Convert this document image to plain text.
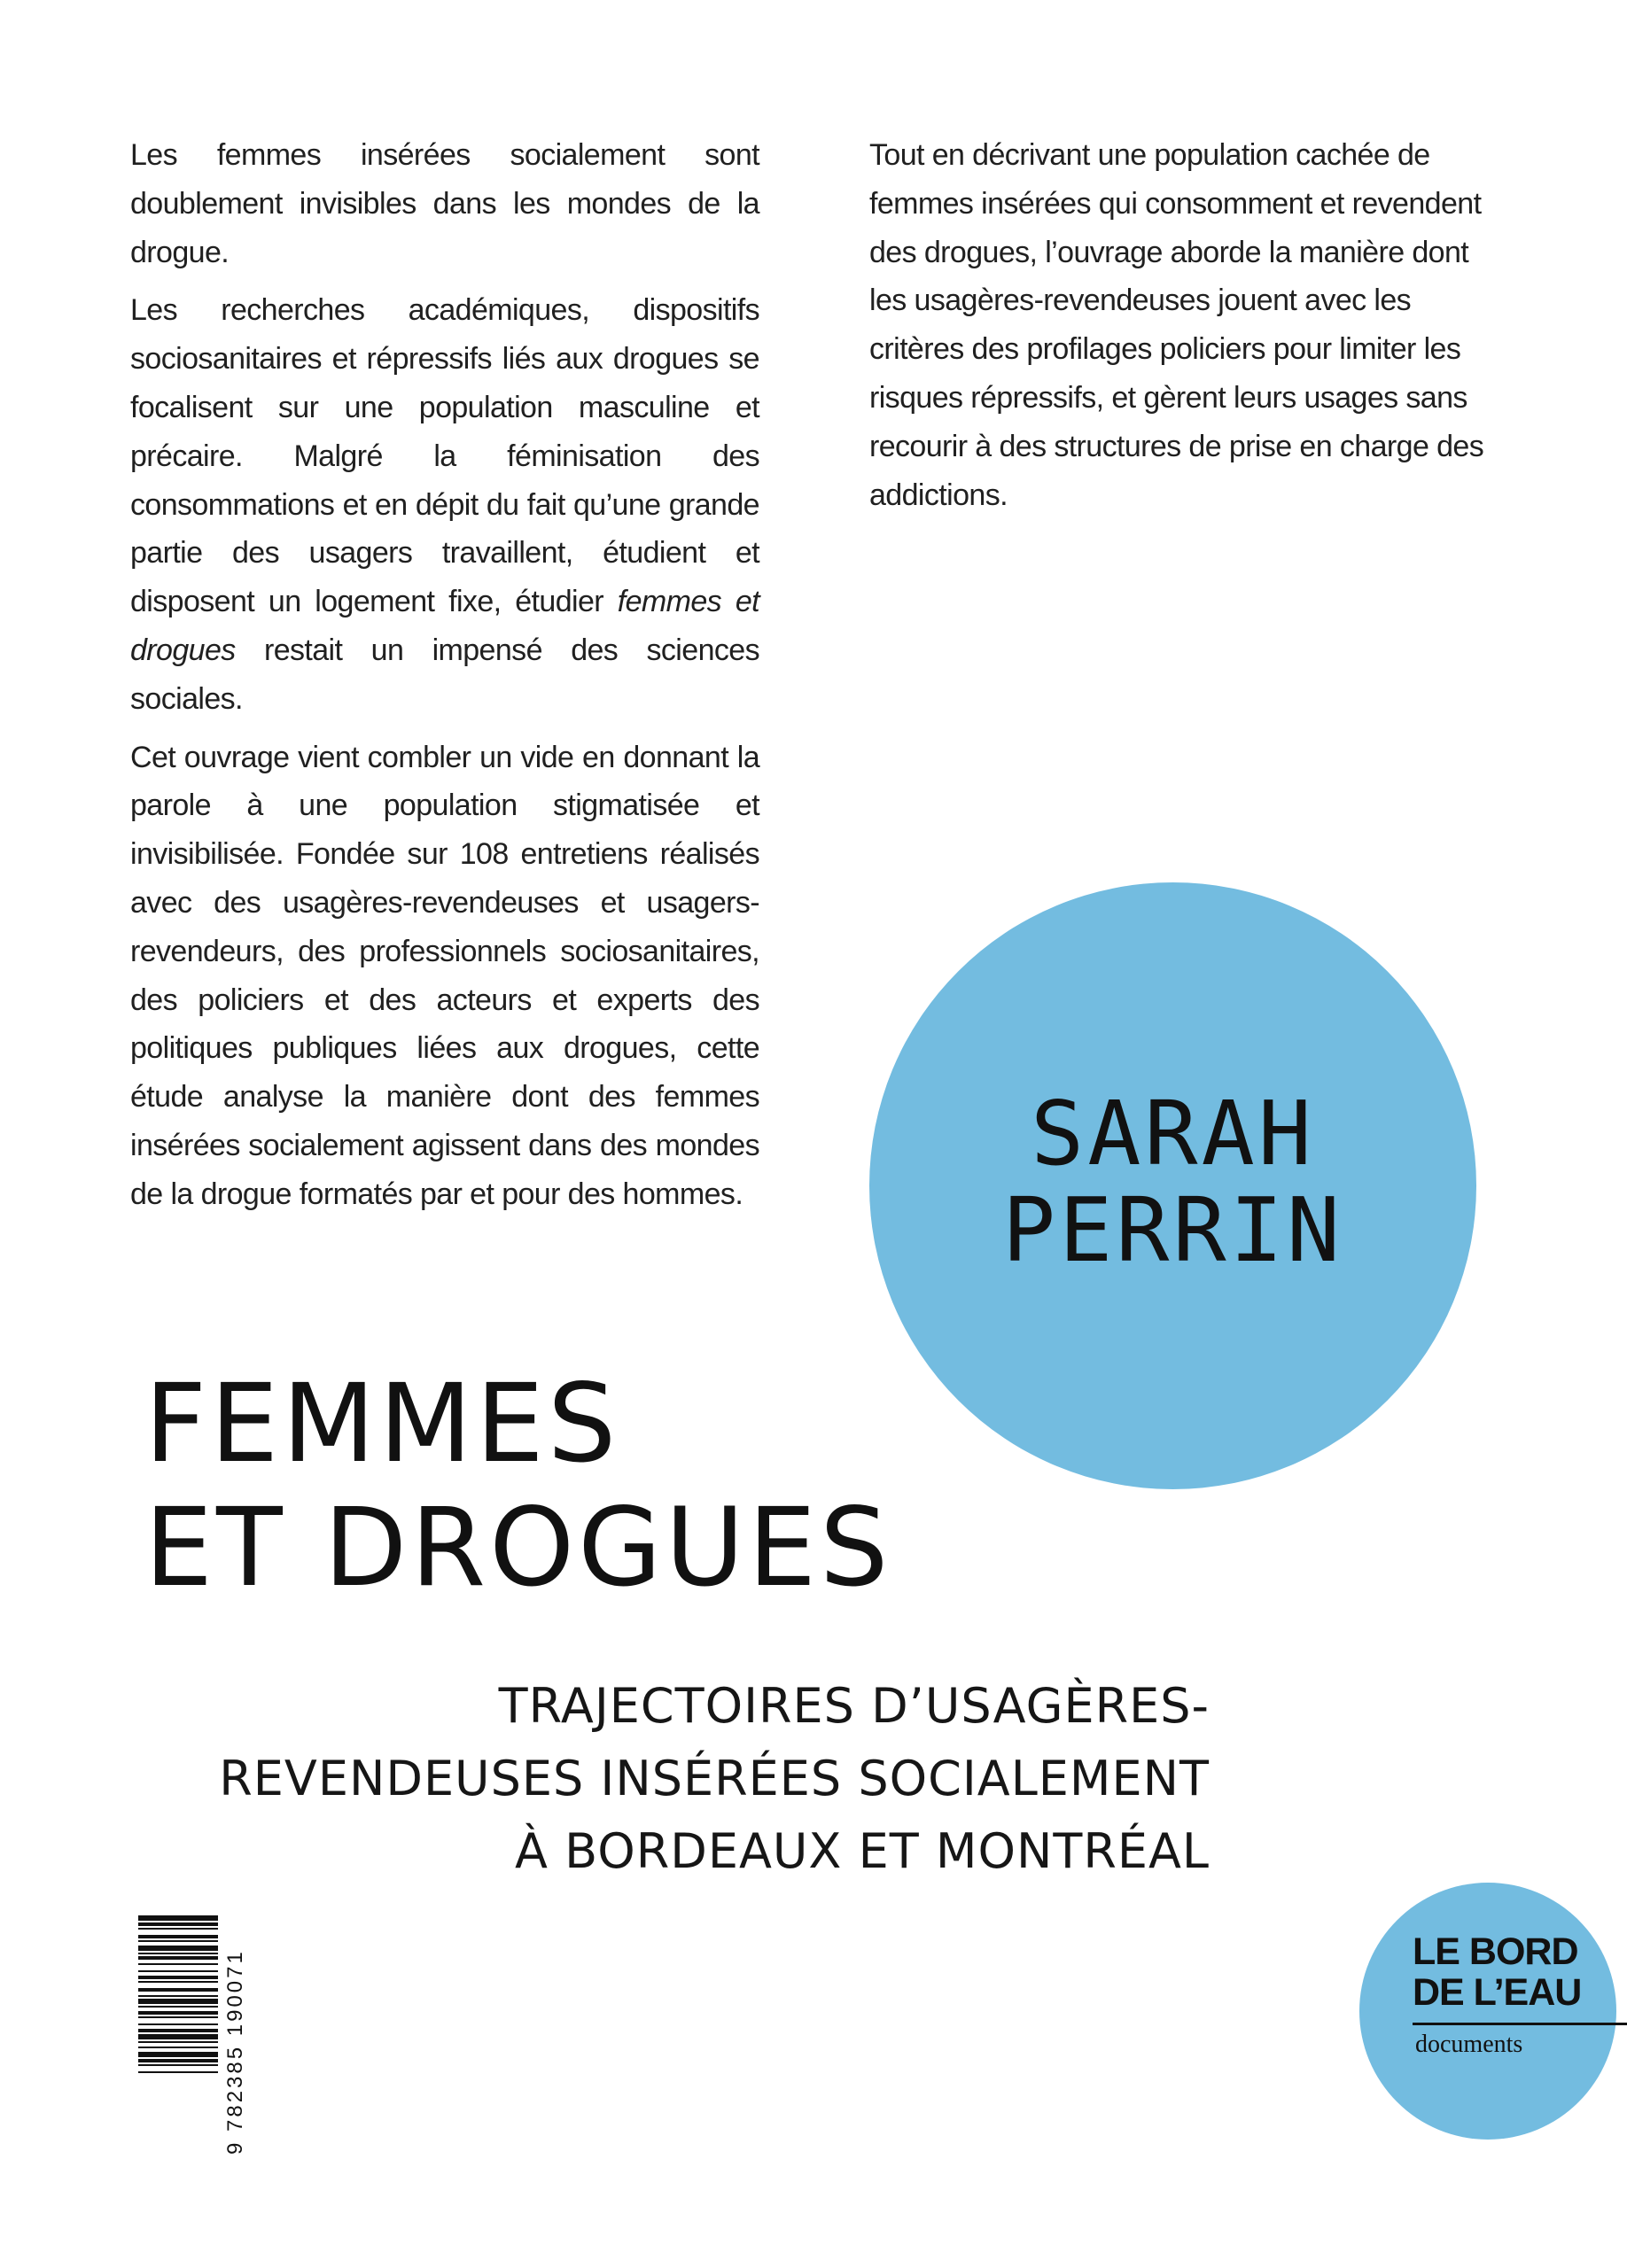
Les femmes insérées socialement sont doublement invisibles dans les mondes de la drogue.

Les recherches académiques, dispositifs sociosanitaires et répressifs liés aux drogues se focalisent sur une population masculine et précaire. Malgré la féminisation des consommations et en dépit du fait qu’une grande partie des usagers travaillent, étudient et disposent un logement fixe, étudier femmes et drogues restait un impensé des sciences sociales.

Cet ouvrage vient combler un vide en donnant la parole à une population stigmatisée et invisibilisée. Fondée sur 108 entretiens réalisés avec des usagères-revendeuses et usagers-revendeurs, des professionnels sociosanitaires, des policiers et des acteurs et experts des politiques publiques liées aux drogues, cette étude analyse la manière dont des femmes insérées socialement agissent dans des mondes de la drogue formatés par et pour des hommes.

Tout en décrivant une population cachée de femmes insérées qui consomment et revendent des drogues, l’ouvrage aborde la manière dont les usagères-revendeuses jouent avec les critères des profilages policiers pour limiter les risques répressifs, et gèrent leurs usages sans recourir à des structures de prise en charge des addictions.

SARAH
PERRIN
FEMMES
ET DROGUES
TRAJECTOIRES D’USAGÈRES-
REVENDEUSES INSÉRÉES SOCIALEMENT
À BORDEAUX ET MONTRÉAL
9 782385 190071	LE BORD
DE L’EAU
documents
